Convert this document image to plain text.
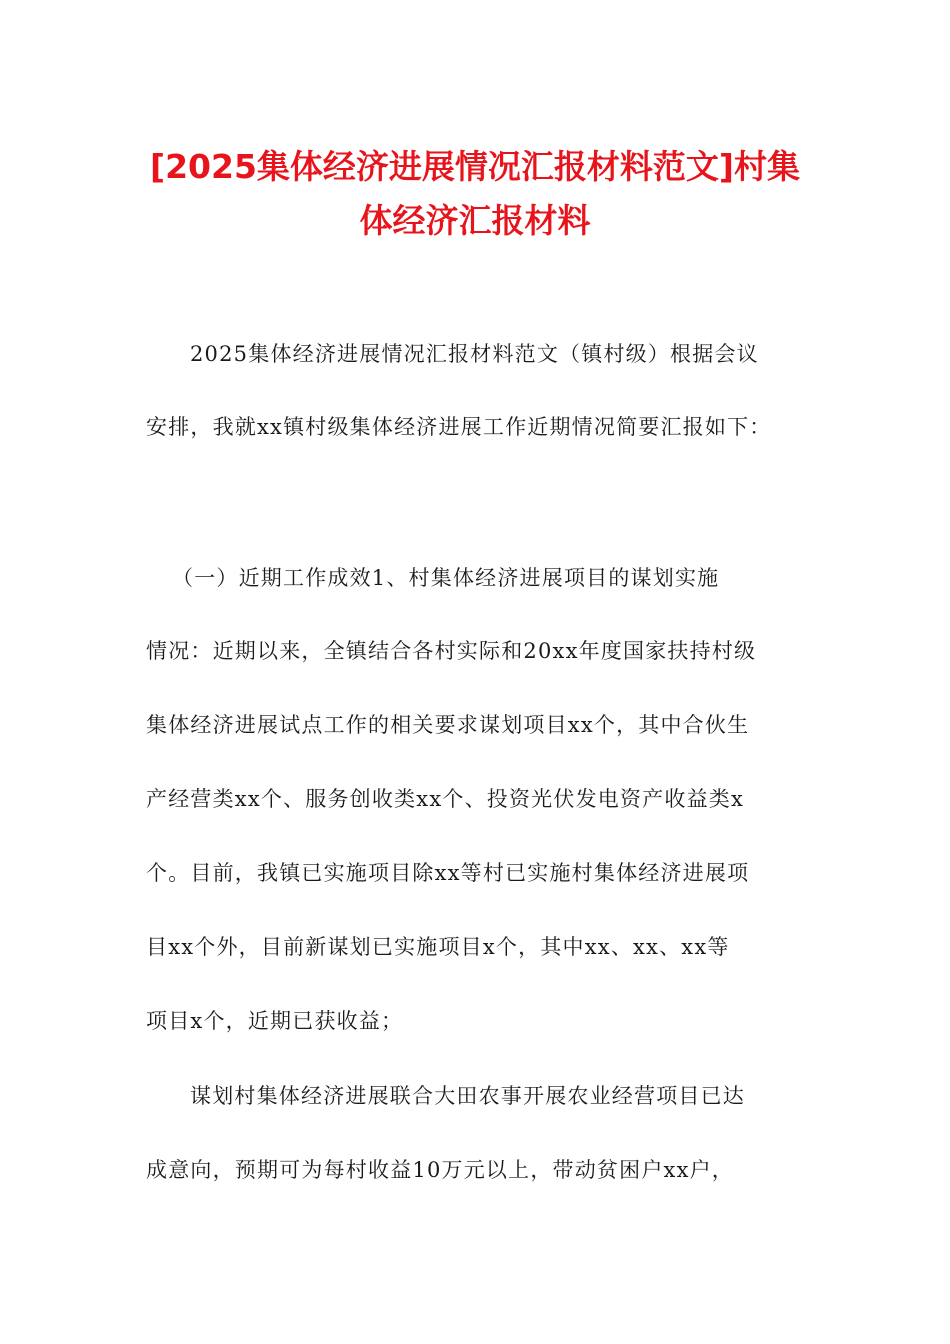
[2025集体经济进展情况汇报材料范文]村集
体经济汇报材料
2025集体经济进展情况汇报材料范文（镇村级）根据会议
安排，我就xx镇村级集体经济进展工作近期情况简要汇报如下：
（一）近期工作成效1、村集体经济进展项目的谋划实施
情况：近期以来，全镇结合各村实际和20xx年度国家扶持村级
集体经济进展试点工作的相关要求谋划项目xx个，其中合伙生
产经营类xx个、服务创收类xx个、投资光伏发电资产收益类x
个。目前，我镇已实施项目除xx等村已实施村集体经济进展项
目xx个外，目前新谋划已实施项目x个，其中xx、xx、xx等
项目x个，近期已获收益；
谋划村集体经济进展联合大田农事开展农业经营项目已达
成意向，预期可为每村收益10万元以上，带动贫困户xx户，
